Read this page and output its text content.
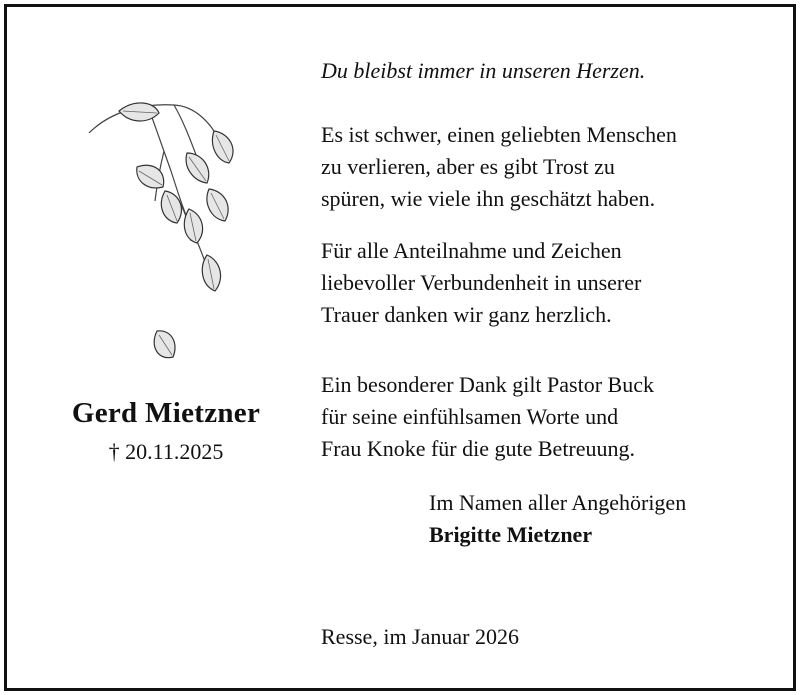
Gerd Mietzner
† 20.11.2025
Du bleibst immer in unseren Herzen.
Es ist schwer, einen geliebten Menschen
zu verlieren, aber es gibt Trost zu
spüren, wie viele ihn geschätzt haben.
Für alle Anteilnahme und Zeichen
liebevoller Verbundenheit in unserer
Trauer danken wir ganz herzlich.
Ein besonderer Dank gilt Pastor Buck
für seine einfühlsamen Worte und
Frau Knoke für die gute Betreuung.
Im Namen aller Angehörigen
Brigitte Mietzner
Resse, im Januar 2026
